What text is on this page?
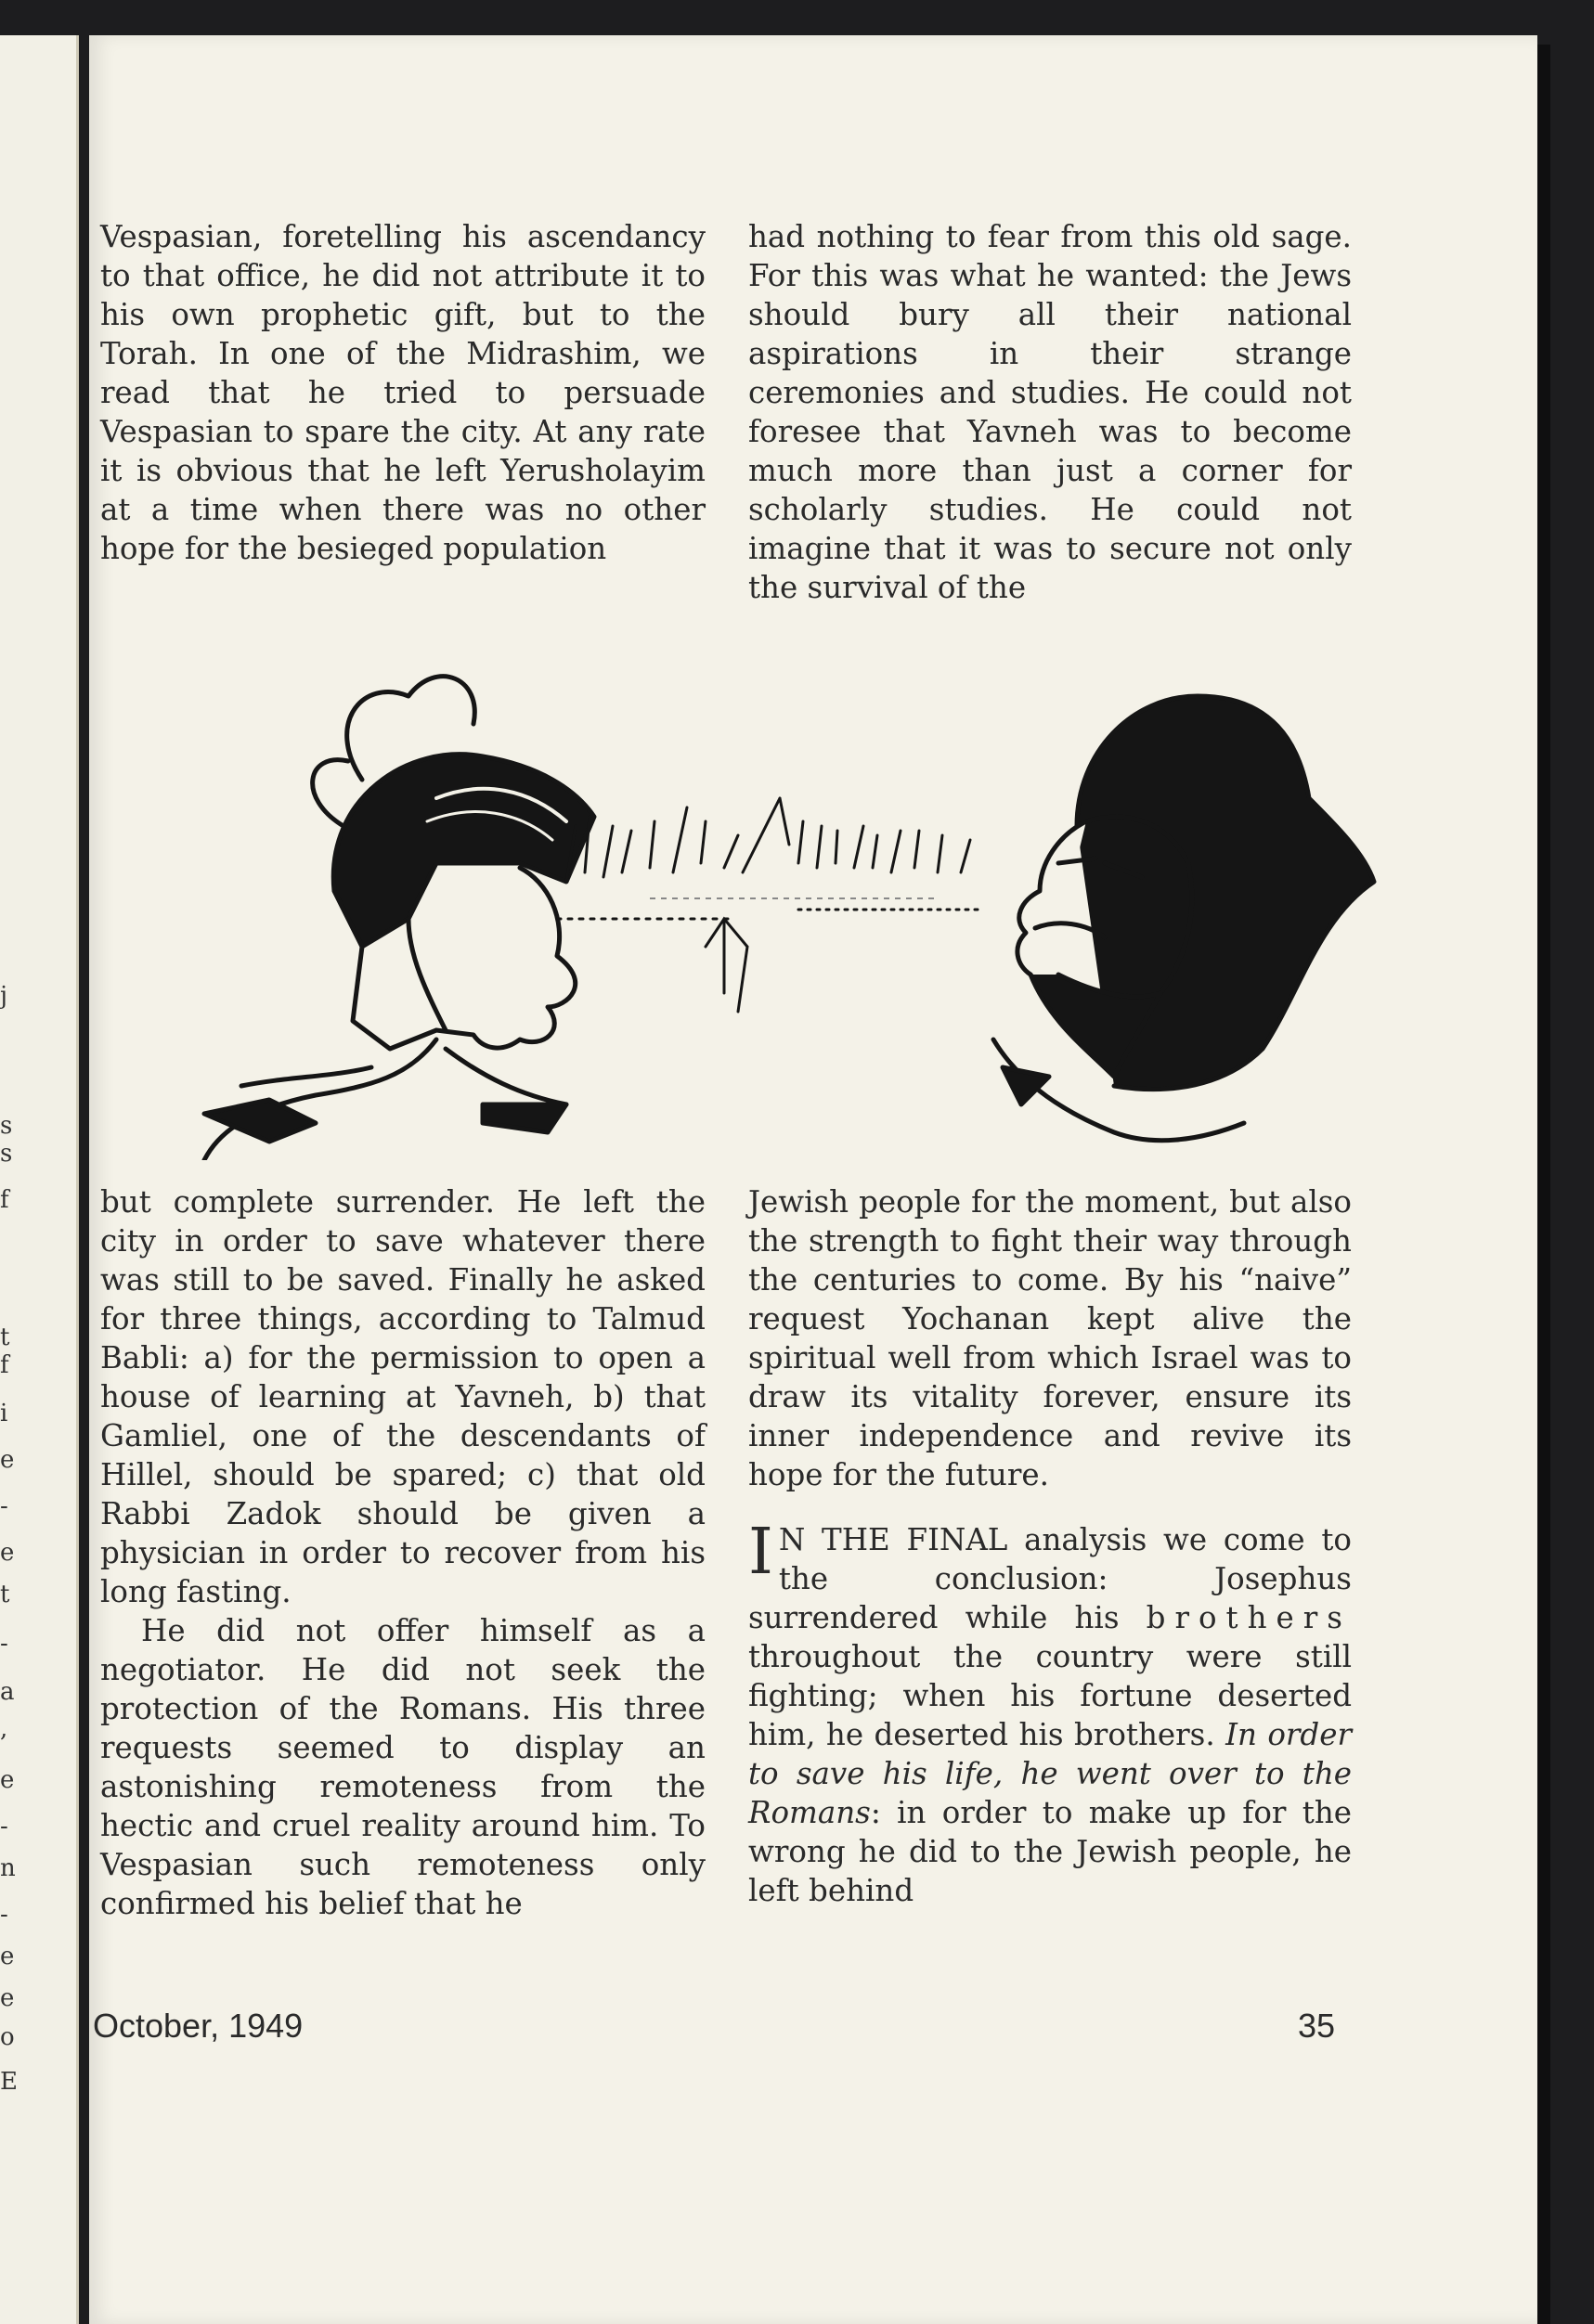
j
s
s
f
t
f
i
e
-
e
t
-
a
,
e
-
n
-
e
e
o
E

Vespasian, foretelling his ascendancy to that office, he did not attribute it to his own prophetic gift, but to the Torah. In one of the Midrashim, we read that he tried to persuade Vespasian to spare the city. At any rate it is obvious that he left Yerusholayim at a time when there was no other hope for the besieged population

had nothing to fear from this old sage. For this was what he wanted: the Jews should bury all their national aspirations in their strange ceremonies and studies. He could not foresee that Yavneh was to become much more than just a corner for scholarly studies. He could not imagine that it was to secure not only the survival of the

but complete surrender. He left the city in order to save whatever there was still to be saved. Finally he asked for three things, according to Talmud Babli: a) for the permission to open a house of learning at Yavneh, b) that Gamliel, one of the descendants of Hillel, should be spared; c) that old Rabbi Zadok should be given a physician in order to recover from his long fasting.

He did not offer himself as a negotiator. He did not seek the protection of the Romans. His three requests seemed to display an astonishing remoteness from the hectic and cruel reality around him. To Vespasian such remoteness only confirmed his belief that he

Jewish people for the moment, but also the strength to fight their way through the centuries to come. By his “naive” request Yochanan kept alive the spiritual well from which Israel was to draw its vitality forever, ensure its inner independence and revive its hope for the future.

I N THE FINAL analysis we come to the conclusion: Josephus surrendered while his brothers throughout the country were still fighting; when his fortune deserted him, he deserted his brothers. In order to save his life, he went over to the Romans: in order to make up for the wrong he did to the Jewish people, he left behind

October, 1949	35
